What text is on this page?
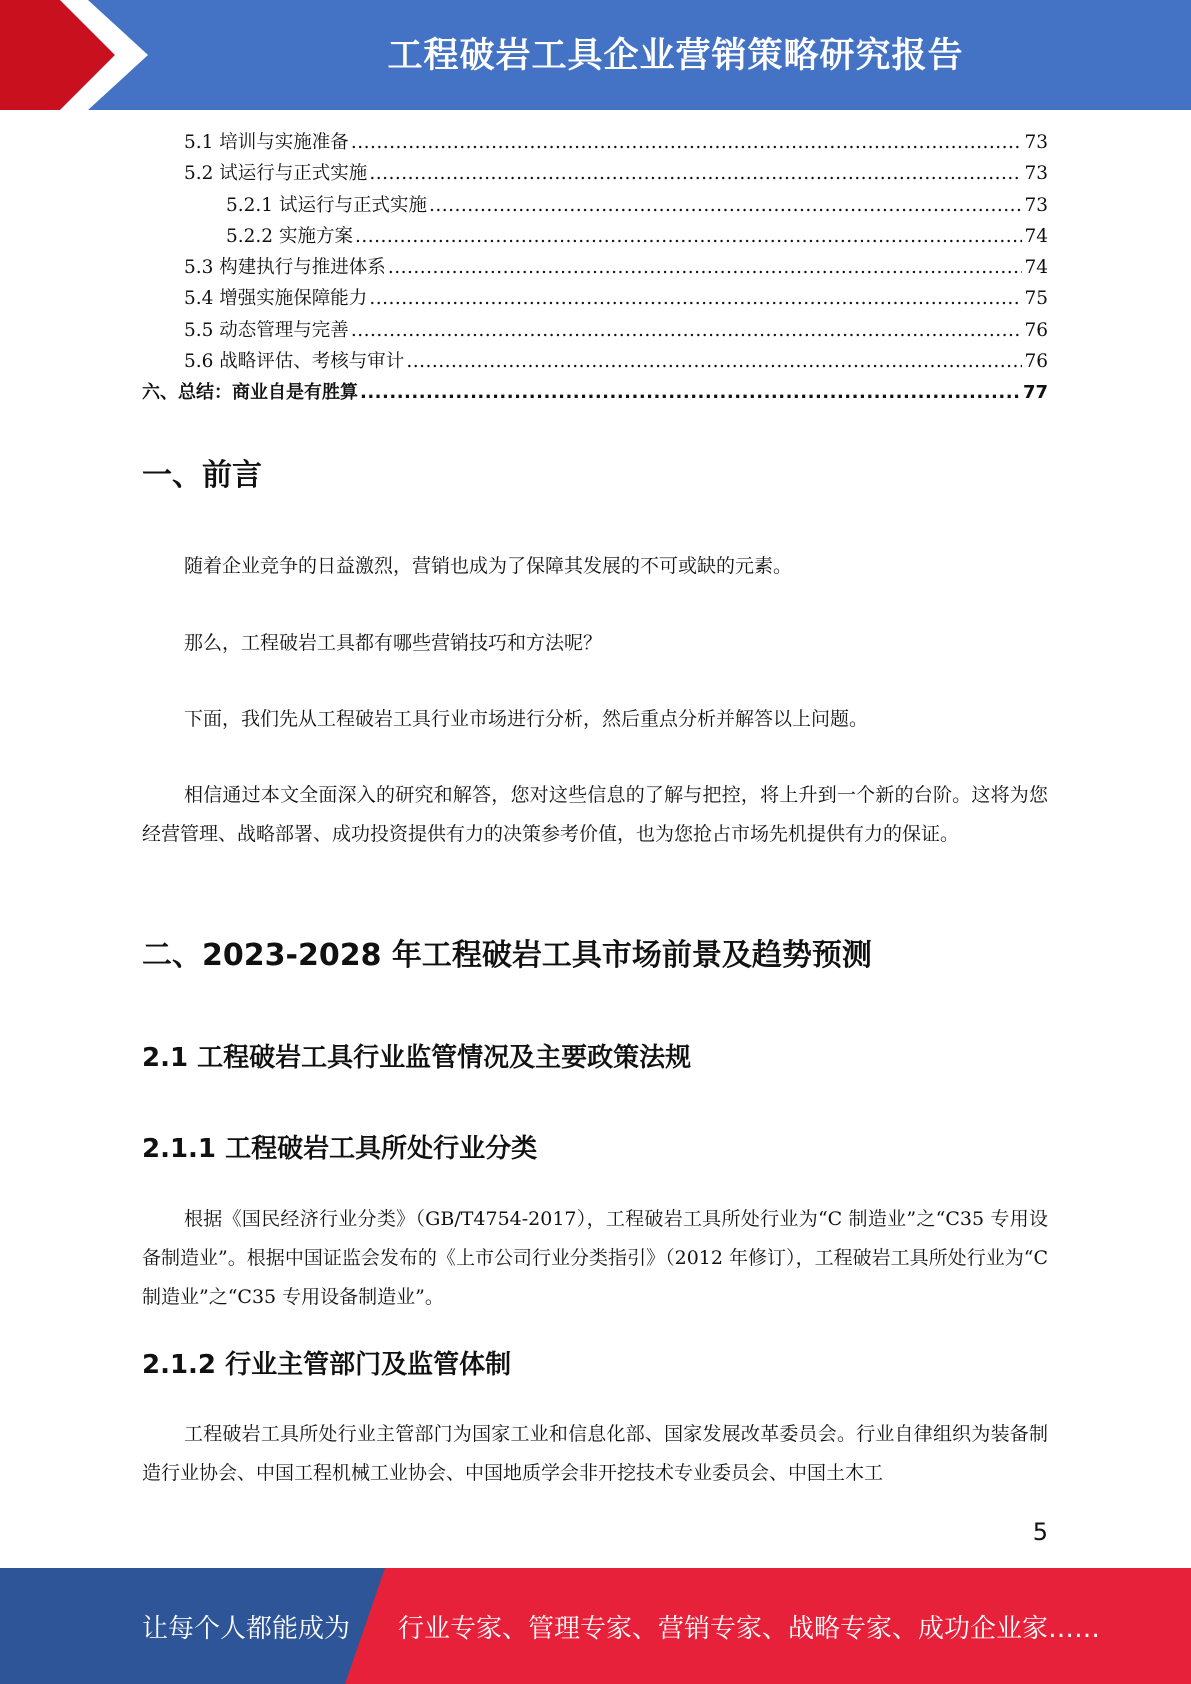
工程破岩工具企业营销策略研究报告
5.1 培训与实施准备 .....	73
5.2 试运行与正式实施 .....	73
5.2.1 试运行与正式实施 .....	73
5.2.2 实施方案 .....	74
5.3 构建执行与推进体系 .....	74
5.4 增强实施保障能力 .....	75
5.5 动态管理与完善 .....	76
5.6 战略评估、考核与审计 .....	76
六、总结：商业自是有胜算 .....	77
一、前言

随着企业竞争的日益激烈，营销也成为了保障其发展的不可或缺的元素。

那么，工程破岩工具都有哪些营销技巧和方法呢？

下面，我们先从工程破岩工具行业市场进行分析，然后重点分析并解答以上问题。

相信通过本文全面深入的研究和解答，您对这些信息的了解与把控，将上升到一个新的台阶。这将为您经营管理、战略部署、成功投资提供有力的决策参考价值，也为您抢占市场先机提供有力的保证。

二、2023-2028 年工程破岩工具市场前景及趋势预测
2.1 工程破岩工具行业监管情况及主要政策法规
2.1.1 工程破岩工具所处行业分类

根据《国民经济行业分类》（GB/T4754-2017），工程破岩工具所处行业为“C 制造业”之“C35 专用设备制造业”。根据中国证监会发布的《上市公司行业分类指引》（2012 年修订），工程破岩工具所处行业为“C 制造业”之“C35 专用设备制造业”。

2.1.2 行业主管部门及监管体制

工程破岩工具所处行业主管部门为国家工业和信息化部、国家发展改革委员会。行业自律组织为装备制造行业协会、中国工程机械工业协会、中国地质学会非开挖技术专业委员会、中国土木工

5
让每个人都能成为 行业专家、管理专家、营销专家、战略专家、成功企业家……
